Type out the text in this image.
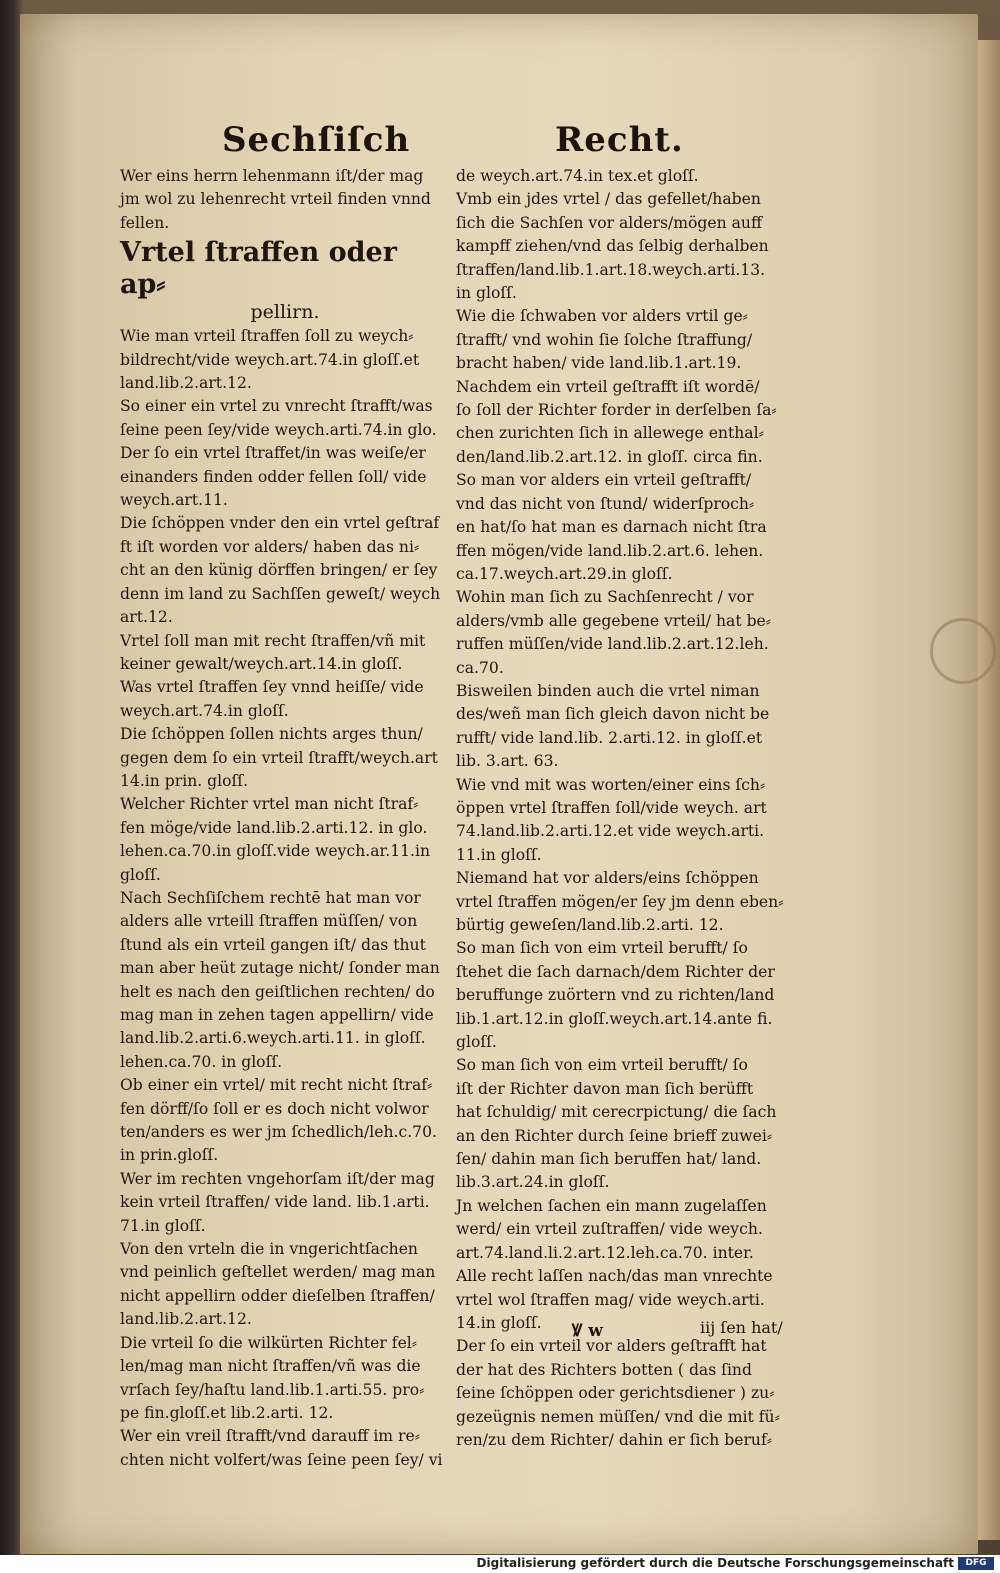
Sechſiſch	Recht.

Wer eins herrn lehenmann iſt/der mag
jm wol zu lehenrecht vrteil finden vnnd
fellen.

Vrtel ſtraffen oder ap⸗

pellirn.

Wie man vrteil ſtraffen ſoll zu weych⸗
bildrecht/vide weych.art.74.in gloſſ.et
land.lib.2.art.12.

So einer ein vrtel zu vnrecht ſtrafft/was
ſeine peen ſey/vide weych.arti.74.in glo.

Der ſo ein vrtel ſtraffet/in was weiſe/er
einanders finden odder fellen ſoll/ vide
weych.art.11.

Die ſchöppen vnder den ein vrtel geſtraf
ft iſt worden vor alders/ haben das ni⸗
cht an den künig dörffen bringen/ er ſey
denn im land zu Sachſſen geweſt/ weych
art.12.

Vrtel ſoll man mit recht ſtraffen/vñ mit
keiner gewalt/weych.art.14.in gloſſ.

Was vrtel ſtraffen ſey vnnd heiſſe/ vide
weych.art.74.in gloſſ.

Die ſchöppen ſollen nichts arges thun/
gegen dem ſo ein vrteil ſtrafft/weych.art
14.in prin. gloſſ.

Welcher Richter vrtel man nicht ſtraf⸗
fen möge/vide land.lib.2.arti.12. in glo.
lehen.ca.70.in gloſſ.vide weych.ar.11.in
gloſſ.

Nach Sechſiſchem rechtē hat man vor
alders alle vrteill ſtraffen müſſen/ von
ſtund als ein vrteil gangen iſt/ das thut
man aber heüt zutage nicht/ ſonder man
helt es nach den geiſtlichen rechten/ do
mag man in zehen tagen appellirn/ vide
land.lib.2.arti.6.weych.arti.11. in gloſſ.
lehen.ca.70. in gloſſ.

Ob einer ein vrtel/ mit recht nicht ſtraf⸗
fen dörff/ſo ſoll er es doch nicht volwor
ten/anders es wer jm ſchedlich/leh.c.70.
in prin.gloſſ.

Wer im rechten vngehorſam iſt/der mag
kein vrteil ſtraffen/ vide land. lib.1.arti.
71.in gloſſ.

Von den vrteln die in vngerichtſachen
vnd peinlich geſtellet werden/ mag man
nicht appellirn odder dieſelben ſtraffen/
land.lib.2.art.12.

Die vrteil ſo die wilkürten Richter fel⸗
len/mag man nicht ſtraffen/vñ was die
vrſach ſey/haſtu land.lib.1.arti.55. pro⸗
pe fin.gloſſ.et lib.2.arti. 12.

Wer ein vreil ſtrafft/vnd darauff im re⸗
chten nicht volfert/was ſeine peen ſey/ vi

de weych.art.74.in tex.et gloſſ.

Vmb ein jdes vrtel / das gefellet/haben
ſich die Sachſen vor alders/mögen auff
kampff ziehen/vnd das ſelbig derhalben
ſtraffen/land.lib.1.art.18.weych.arti.13.
in gloſſ.

Wie die ſchwaben vor alders vrtil ge⸗
ſtrafft/ vnd wohin ſie ſolche ſtraffung/
bracht haben/ vide land.lib.1.art.19.

Nachdem ein vrteil geſtrafft iſt wordē/
ſo ſoll der Richter forder in derſelben ſa⸗
chen zurichten ſich in allewege enthal⸗
den/land.lib.2.art.12. in gloſſ. circa fin.

So man vor alders ein vrteil geſtrafft/
vnd das nicht von ſtund/ widerſproch⸗
en hat/ſo hat man es darnach nicht ſtra
ffen mögen/vide land.lib.2.art.6. lehen.
ca.17.weych.art.29.in gloſſ.

Wohin man ſich zu Sachſenrecht / vor
alders/vmb alle gegebene vrteil/ hat be⸗
ruffen müſſen/vide land.lib.2.art.12.leh.
ca.70.

Bisweilen binden auch die vrtel niman
des/weñ man ſich gleich davon nicht be
rufft/ vide land.lib. 2.arti.12. in gloſſ.et
lib. 3.art. 63.

Wie vnd mit was worten/einer eins ſch⸗
öppen vrtel ſtraffen ſoll/vide weych. art
74.land.lib.2.arti.12.et vide weych.arti.
11.in gloſſ.

Niemand hat vor alders/eins ſchöppen
vrtel ſtraffen mögen/er ſey jm denn eben⸗
bürtig geweſen/land.lib.2.arti. 12.

So man ſich von eim vrteil berufft/ ſo
ſtehet die ſach darnach/dem Richter der
beruffunge zuörtern vnd zu richten/land
lib.1.art.12.in gloſſ.weych.art.14.ante fi.
gloſſ.

So man ſich von eim vrteil berufft/ ſo
iſt der Richter davon man ſich berüfft
hat ſchuldig/ mit cerecrpictung/ die ſach
an den Richter durch ſeine brieff zuwei⸗
ſen/ dahin man ſich beruffen hat/ land.
lib.3.art.24.in gloſſ.

Jn welchen ſachen ein mann zugelaſſen
werd/ ein vrteil zuſtraffen/ vide weych.
art.74.land.li.2.art.12.leh.ca.70. inter.

Alle recht laſſen nach/das man vnrechte
vrtel wol ſtraffen mag/ vide weych.arti.
14.in gloſſ.

Der ſo ein vrteil vor alders geſtrafft hat
der hat des Richters botten ( das ſind
ſeine ſchöppen oder gerichtsdiener ) zu⸗
gezeügnis nemen müſſen/ vnd die mit fü⸗
ren/zu dem Richter/ dahin er ſich beruf⸗

Ꝟ w	iij ſen hat/
Digitalisierung gefördert durch die Deutsche Forschungsgemeinschaft	DFG
